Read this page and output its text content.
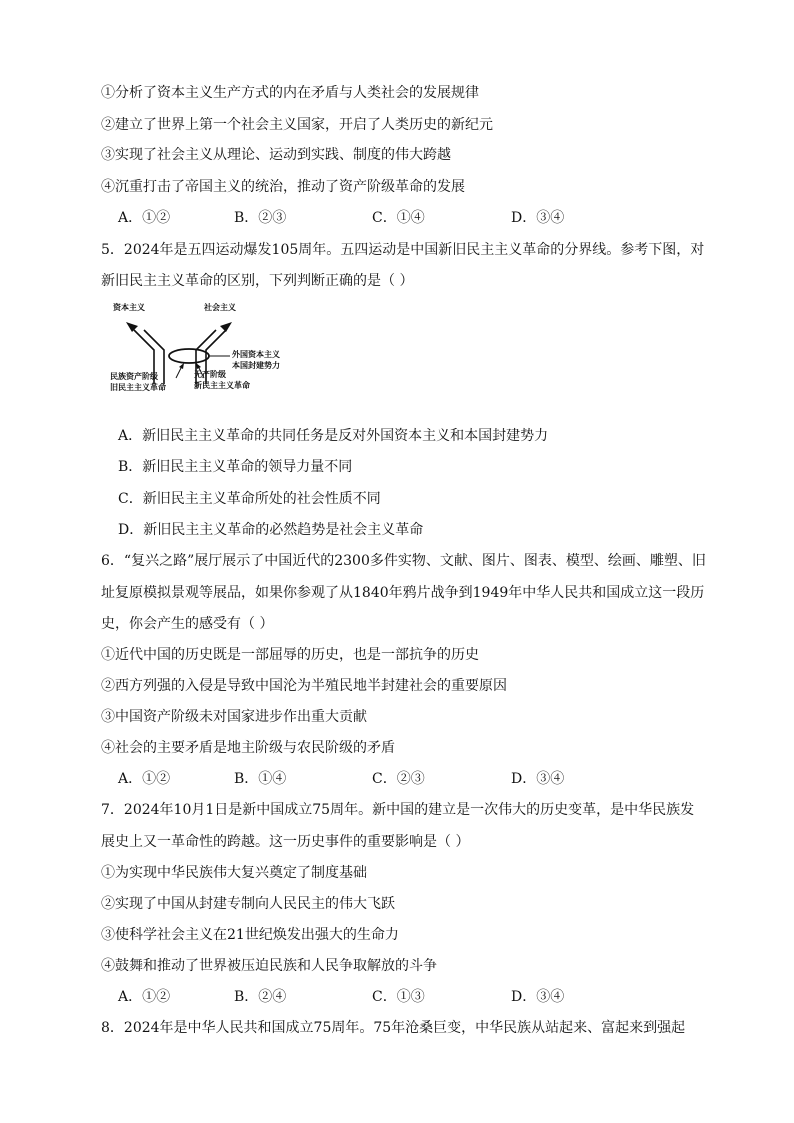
①分析了资本主义生产方式的内在矛盾与人类社会的发展规律
②建立了世界上第一个社会主义国家，开启了人类历史的新纪元
③实现了社会主义从理论、运动到实践、制度的伟大跨越
④沉重打击了帝国主义的统治，推动了资产阶级革命的发展
A．①②	B．②③	C．①④	D．③④
5．2024年是五四运动爆发105周年。五四运动是中国新旧民主主义革命的分界线。参考下图，对
新旧民主主义革命的区别，下列判断正确的是（ ）
资本主义	社会主义
外国资本主义
本国封建势力
民族资产阶级
旧民主主义革命
无产阶级
新民主主义革命
A．新旧民主主义革命的共同任务是反对外国资本主义和本国封建势力
B．新旧民主主义革命的领导力量不同
C．新旧民主主义革命所处的社会性质不同
D．新旧民主主义革命的必然趋势是社会主义革命
6．“复兴之路”展厅展示了中国近代的2300多件实物、文献、图片、图表、模型、绘画、雕塑、旧
址复原模拟景观等展品，如果你参观了从1840年鸦片战争到1949年中华人民共和国成立这一段历
史，你会产生的感受有（ ）
①近代中国的历史既是一部屈辱的历史，也是一部抗争的历史
②西方列强的入侵是导致中国沦为半殖民地半封建社会的重要原因
③中国资产阶级未对国家进步作出重大贡献
④社会的主要矛盾是地主阶级与农民阶级的矛盾
A．①②	B．①④	C．②③	D．③④
7．2024年10月1日是新中国成立75周年。新中国的建立是一次伟大的历史变革，是中华民族发
展史上又一革命性的跨越。这一历史事件的重要影响是（ ）
①为实现中华民族伟大复兴奠定了制度基础
②实现了中国从封建专制向人民民主的伟大飞跃
③使科学社会主义在21世纪焕发出强大的生命力
④鼓舞和推动了世界被压迫民族和人民争取解放的斗争
A．①②	B．②④	C．①③	D．③④
8．2024年是中华人民共和国成立75周年。75年沧桑巨变，中华民族从站起来、富起来到强起
